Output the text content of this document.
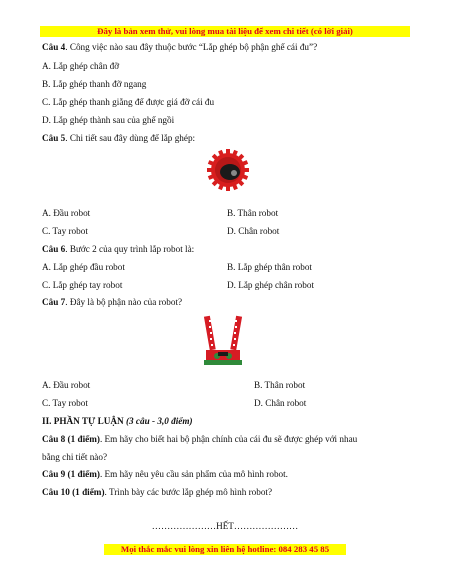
Đây là bản xem thử, vui lòng mua tài liệu để xem chi tiết (có lời giải)
Câu 4. Công việc nào sau đây thuộc bước “Lắp ghép bộ phận ghế cái đu”?
A. Lắp ghép chân đỡ
B. Lắp ghép thanh đỡ ngang
C. Lắp ghép thanh giằng để được giá đỡ cái đu
D. Lắp ghép thành sau của ghế ngồi
Câu 5. Chi tiết sau đây dùng để lắp ghép:
A. Đầu robot	B. Thân robot
C. Tay robot	D. Chân robot
Câu 6. Bước 2 của quy trình lắp robot là:
A. Lắp ghép đầu robot	B. Lắp ghép thân robot
C. Lắp ghép tay robot	D. Lắp ghép chân robot
Câu 7. Đây là bộ phận nào của robot?
A. Đầu robot	B. Thân robot
C. Tay robot	D. Chân robot
II. PHẦN TỰ LUẬN (3 câu - 3,0 điểm)
Câu 8 (1 điểm). Em hãy cho biết hai bộ phận chính của cái đu sẽ được ghép với nhau
bằng chi tiết nào?
Câu 9 (1 điểm). Em hãy nêu yêu cầu sản phẩm của mô hình robot.
Câu 10 (1 điểm). Trình bày các bước lắp ghép mô hình robot?
…………………HẾT…………………
Mọi thắc mắc vui lòng xin liên hệ hotline: 084 283 45 85
